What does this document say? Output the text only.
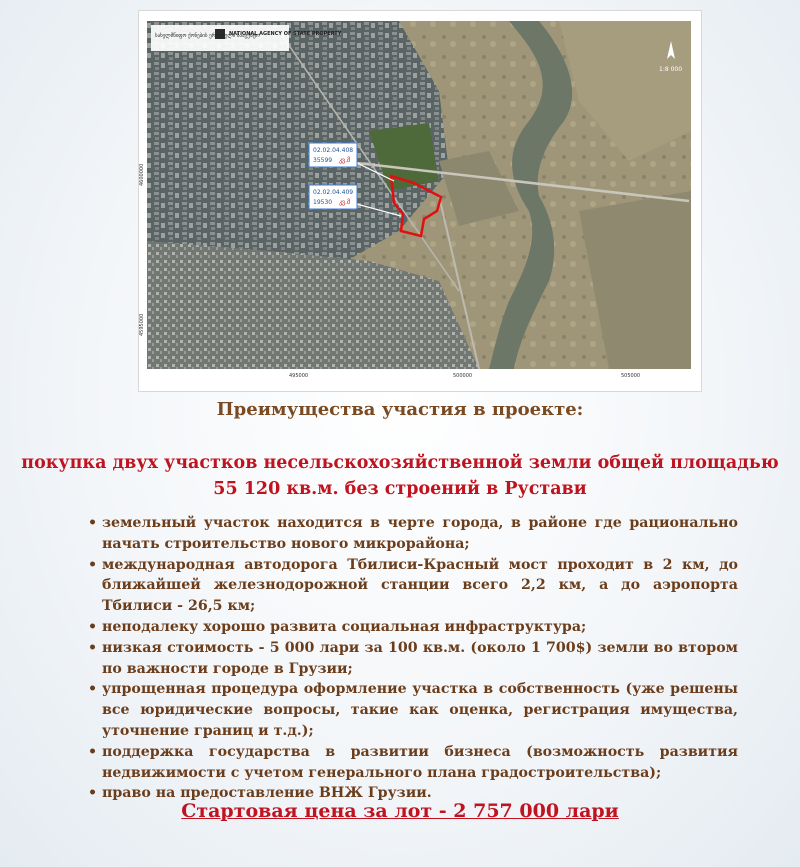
02.02.04.408
35599 კვ.მ
02.02.04.409
19530 კვ.მ
სახელმწიფო ქონების ეროვნული სააგენტო
NATIONAL AGENCY OF STATE PROPERTY
1:8 000
495000	500000	505000
4600000
4595000
Преимущества участия в проекте:
покупка двух участков несельскохозяйственной земли общей площадью
55 120 кв.м. без строений в Рустави
• земельный участок находится в черте города, в районе где рационально начать строительство нового микрорайона;
• международная автодорога Тбилиси-Красный мост проходит в 2 км, до ближайшей железнодорожной станции всего 2,2 км, а до аэропорта Тбилиси - 26,5 км;
• неподалеку хорошо развита социальная инфраструктура;
• низкая стоимость - 5 000 лари за 100 кв.м. (около 1 700$) земли во втором по важности городе в Грузии;
• упрощенная процедура оформление участка в собственность (уже решены все юридические вопросы, такие как оценка, регистрация имущества, уточнение границ и т.д.);
• поддержка государства в развитии бизнеса (возможность развития недвижимости с учетом генерального плана градостроительства);
• право на предоставление ВНЖ Грузии.
Стартовая цена за лот - 2 757 000 лари
